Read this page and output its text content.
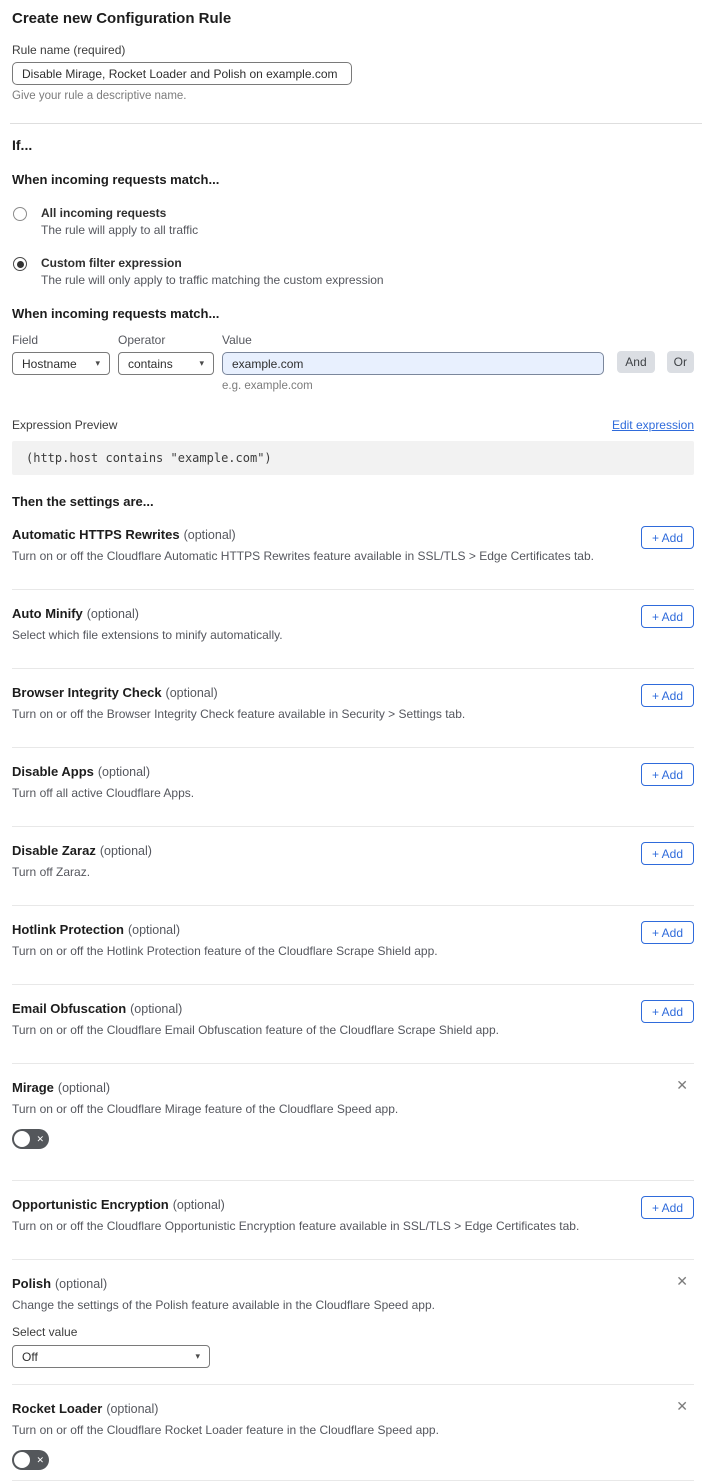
Create new Configuration Rule
Rule name (required)
Disable Mirage, Rocket Loader and Polish on example.com
Give your rule a descriptive name.
If...
When incoming requests match...
All incoming requests
The rule will apply to all traffic
Custom filter expression
The rule will only apply to traffic matching the custom expression
When incoming requests match...
Field
Hostname ▾
Operator
contains	▾
Value
example.com
e.g. example.com
And	Or
Expression Preview	Edit expression
(http.host contains "example.com")
Then the settings are...
Automatic HTTPS Rewrites (optional)
Turn on or off the Cloudflare Automatic HTTPS Rewrites feature available in SSL/TLS > Edge Certificates tab.
+ Add
Auto Minify (optional)
Select which file extensions to minify automatically.
+ Add
Browser Integrity Check (optional)
Turn on or off the Browser Integrity Check feature available in Security > Settings tab.
+ Add
Disable Apps (optional)
Turn off all active Cloudflare Apps.
+ Add
Disable Zaraz (optional)
Turn off Zaraz.
+ Add
Hotlink Protection (optional)
Turn on or off the Hotlink Protection feature of the Cloudflare Scrape Shield app.
+ Add
Email Obfuscation (optional)
Turn on or off the Cloudflare Email Obfuscation feature of the Cloudflare Scrape Shield app.
+ Add
Mirage (optional)
Turn on or off the Cloudflare Mirage feature of the Cloudflare Speed app.
✕
✕
Opportunistic Encryption (optional)
Turn on or off the Cloudflare Opportunistic Encryption feature available in SSL/TLS > Edge Certificates tab.
+ Add
Polish (optional)
Change the settings of the Polish feature available in the Cloudflare Speed app.
✕
Select value
Off	▾
Rocket Loader (optional)
Turn on or off the Cloudflare Rocket Loader feature in the Cloudflare Speed app.
✕
✕
